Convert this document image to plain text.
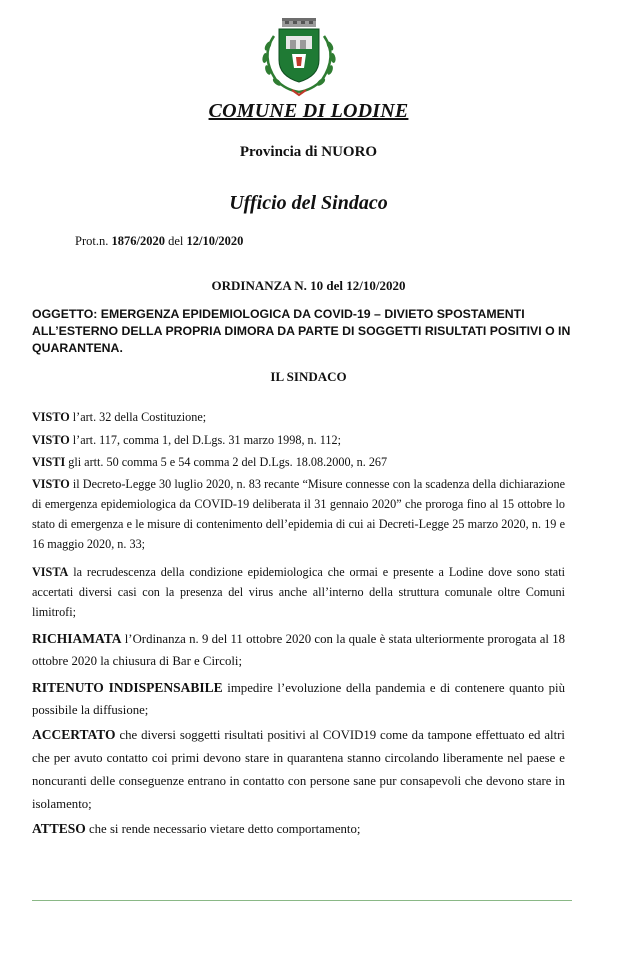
COMUNE DI LODINE
Provincia di NUORO
Ufficio del Sindaco
Prot.n. 1876/2020 del 12/10/2020
ORDINANZA N. 10 del 12/10/2020
OGGETTO: EMERGENZA EPIDEMIOLOGICA DA COVID-19 – DIVIETO SPOSTAMENTI ALL’ESTERNO DELLA PROPRIA DIMORA DA PARTE DI SOGGETTI RISULTATI POSITIVI O IN QUARANTENA.
IL SINDACO

VISTO l’art. 32 della Costituzione;

VISTO l’art. 117, comma 1, del D.Lgs. 31 marzo 1998, n. 112;

VISTI gli artt. 50 comma 5 e 54 comma 2 del D.Lgs. 18.08.2000, n. 267

VISTO il Decreto-Legge 30 luglio 2020, n. 83 recante “Misure connesse con la scadenza della dichiarazione di emergenza epidemiologica da COVID-19 deliberata il 31 gennaio 2020” che proroga fino al 15 ottobre lo stato di emergenza e le misure di contenimento dell’epidemia di cui ai Decreti-Legge 25 marzo 2020, n. 19 e 16 maggio 2020, n. 33;

VISTA la recrudescenza della condizione epidemiologica che ormai e presente a Lodine dove sono stati accertati diversi casi con la presenza del virus anche all’interno della struttura comunale oltre Comuni limitrofi;

RICHIAMATA l’Ordinanza n. 9 del 11 ottobre 2020 con la quale è stata ulteriormente prorogata al 18 ottobre 2020 la chiusura di Bar e Circoli;

RITENUTO INDISPENSABILE impedire l’evoluzione della pandemia e di contenere quanto più possibile la diffusione;

ACCERTATO che diversi soggetti risultati positivi al COVID19 come da tampone effettuato ed altri che per avuto contatto coi primi devono stare in quarantena stanno circolando liberamente nel paese e noncuranti delle conseguenze entrano in contatto con persone sane pur consapevoli che devono stare in isolamento;

ATTESO che si rende necessario vietare detto comportamento;
